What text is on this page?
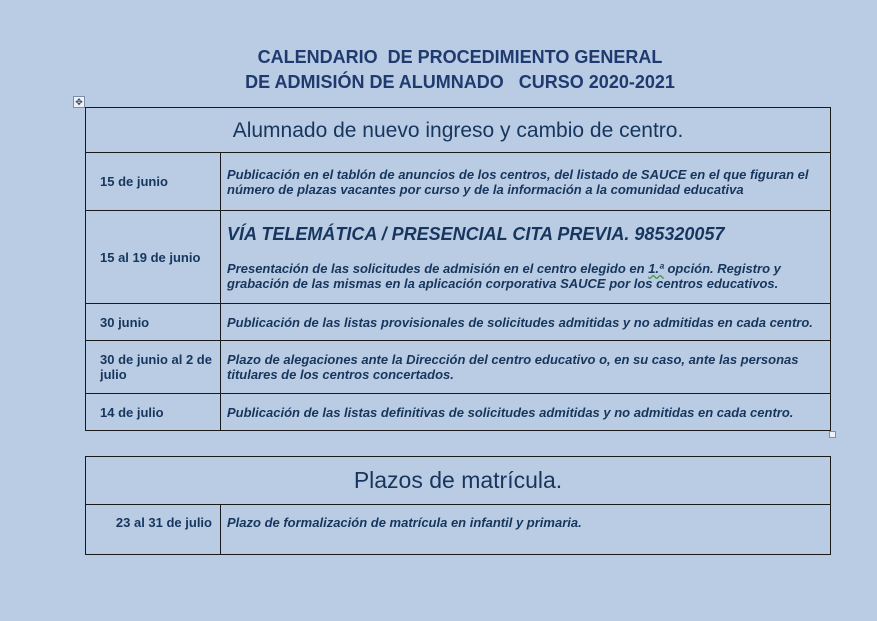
CALENDARIO  DE PROCEDIMIENTO GENERAL
DE ADMISIÓN DE ALUMNADO   CURSO 2020-2021
✥
Alumnado de nuevo ingreso y cambio de centro.	
15 de junio	Publicación en el tablón de anuncios de los centros, del listado de SAUCE en el que figuran el número de plazas vacantes por curso y de la información a la comunidad educativa
15 al 19 de junio	VÍA TELEMÁTICA / PRESENCIAL CITA PREVIA. 985320057
Presentación de las solicitudes de admisión en el centro elegido en 1.ª opción. Registro y grabación de las mismas en la aplicación corporativa SAUCE por los centros educativos.

30 junio	Publicación de las listas provisionales de solicitudes admitidas y no admitidas en cada centro.
30 de junio al 2 de julio	Plazo de alegaciones ante la Dirección del centro educativo o, en su caso, ante las personas titulares de los centros concertados.
14 de julio	Publicación de las listas definitivas de solicitudes admitidas y no admitidas en cada centro.
Plazos de matrícula.
23 al 31 de julio	Plazo de formalización de matrícula en infantil y primaria.
